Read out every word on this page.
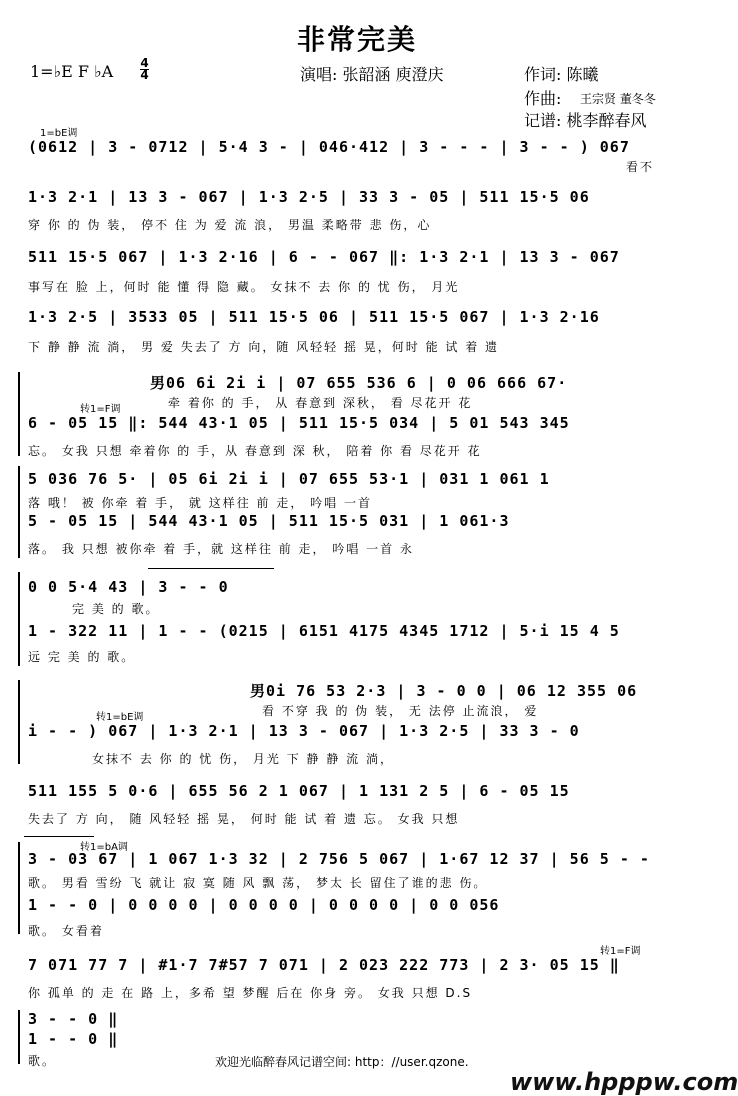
非常完美
1=♭E F ♭A 4
4	演唱: 张韶涵 庾澄庆	作词: 陈曦
作曲: 王宗贤 董冬冬
记谱: 桃李醉春风
1=bE调
(0612 | 3 - 0712 | 5·4 3 - | 046·412 | 3 - - - | 3 - - ) 067
看不
1·3 2·1 | 13 3 - 067 | 1·3 2·5 | 33 3 - 05 | 511 15·5 06
穿 你 的 伪 装， 停不 住 为 爱 流 浪， 男温 柔略带 悲 伤，心
511 15·5 067 | 1·3 2·16 | 6 - - 067 ‖: 1·3 2·1 | 13 3 - 067
事写在 脸 上，何时 能 懂 得 隐 藏。 女抹不 去 你 的 忧 伤， 月光
1·3 2·5 | 3533 05 | 511 15·5 06 | 511 15·5 067 | 1·3 2·16
下 静 静 流 淌， 男 爱 失去了 方 向，随 风轻轻 摇 晃，何时 能 试 着 遗
男06 6i 2i i | 07 655 536 6 | 0 06 666 67·
牵 着你 的 手， 从 春意到 深秋， 看 尽花开 花
转1=F调
6 - 05 15 ‖: 544 43·1 05 | 511 15·5 034 | 5 01 543 345
忘。 女我 只想 牵着你 的 手，从 春意到 深 秋， 陪着 你 看 尽花开 花
5 036 76 5· | 05 6i 2i i | 07 655 53·1 | 031 1 061 1
落 哦！ 被 你牵 着 手， 就 这样往 前 走， 吟唱 一首
5 - 05 15 | 544 43·1 05 | 511 15·5 031 | 1 061·3
落。 我 只想 被你牵 着 手，就 这样往 前 走， 吟唱 一首 永
0 0 5·4 43 | 3 - - 0
完 美 的 歌。
1 - 322 11 | 1 - - (0215 | 6151 4175 4345 1712 | 5·i 15 4 5
远 完 美 的 歌。
男0i 76 53 2·3 | 3 - 0 0 | 06 12 355 06
看 不穿 我 的 伪 装， 无 法停 止流浪， 爱
转1=bE调
i - - ) 067 | 1·3 2·1 | 13 3 - 067 | 1·3 2·5 | 33 3 - 0
女抹不 去 你 的 忧 伤， 月光 下 静 静 流 淌，
511 155 5 0·6 | 655 56 2 1 067 | 1 131 2 5 | 6 - 05 15
失去了 方 向， 随 风轻轻 摇 晃， 何时 能 试 着 遗 忘。 女我 只想
转1=bA调
3 - 03 67 | 1 067 1·3 32 | 2 756 5 067 | 1·67 12 37 | 56 5 - -
歌。 男看 雪纷 飞 就让 寂 寞 随 风 飘 荡， 梦太 长 留住了谁的悲 伤。
1 - - 0 | 0 0 0 0 | 0 0 0 0 | 0 0 0 0 | 0 0 056
歌。 女看着
转1=F调
7 071 77 7 | #1·7 7#57 7 071 | 2 023 222 773 | 2 3· 05 15 ‖
你 孤单 的 走 在 路 上，多希 望 梦醒 后在 你身 旁。 女我 只想 D.S
3 - - 0 ‖
1 - - 0 ‖
歌。	欢迎光临醉春风记谱空间: http：//user.qzone.
www.hpppw.com
